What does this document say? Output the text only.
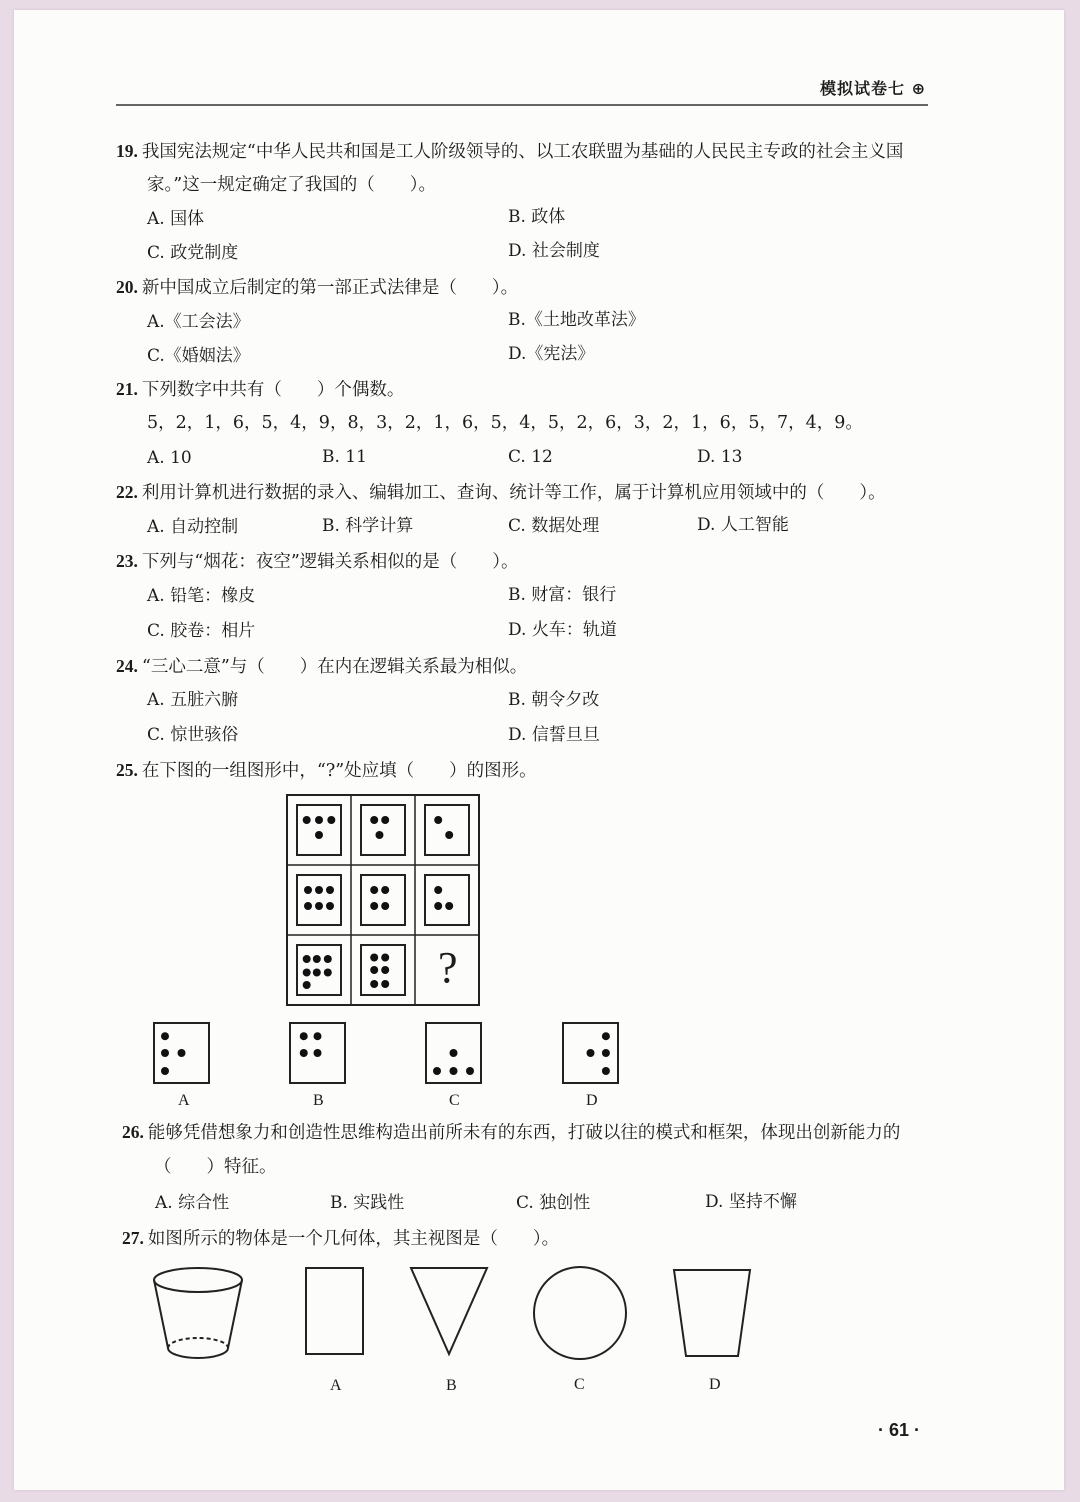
模拟试卷七 ⊕
19. 我国宪法规定“中华人民共和国是工人阶级领导的、以工农联盟为基础的人民民主专政的社会主义国
家。”这一规定确定了我国的（　　）。
A. 国体	B. 政体
C. 政党制度	D. 社会制度
20. 新中国成立后制定的第一部正式法律是（　　）。
A.《工会法》	B.《土地改革法》
C.《婚姻法》	D.《宪法》
21. 下列数字中共有（　　）个偶数。
5，2，1，6，5，4，9，8，3，2，1，6，5，4，5，2，6，3，2，1，6，5，7，4，9。
A. 10	B. 11	C. 12	D. 13
22. 利用计算机进行数据的录入、编辑加工、查询、统计等工作，属于计算机应用领域中的（　　）。
A. 自动控制	B. 科学计算	C. 数据处理	D. 人工智能
23. 下列与“烟花：夜空”逻辑关系相似的是（　　）。
A. 铅笔：橡皮	B. 财富：银行
C. 胶卷：相片	D. 火车：轨道
24. “三心二意”与（　　）在内在逻辑关系最为相似。
A. 五脏六腑	B. 朝令夕改
C. 惊世骇俗	D. 信誓旦旦
25. 在下图的一组图形中，“?”处应填（　　）的图形。
?
A	B	C	D
26. 能够凭借想象力和创造性思维构造出前所未有的东西，打破以往的模式和框架，体现出创新能力的
（　　）特征。
A. 综合性	B. 实践性	C. 独创性	D. 坚持不懈
27. 如图所示的物体是一个几何体，其主视图是（　　）。
A	B	C	D
· 61 ·
